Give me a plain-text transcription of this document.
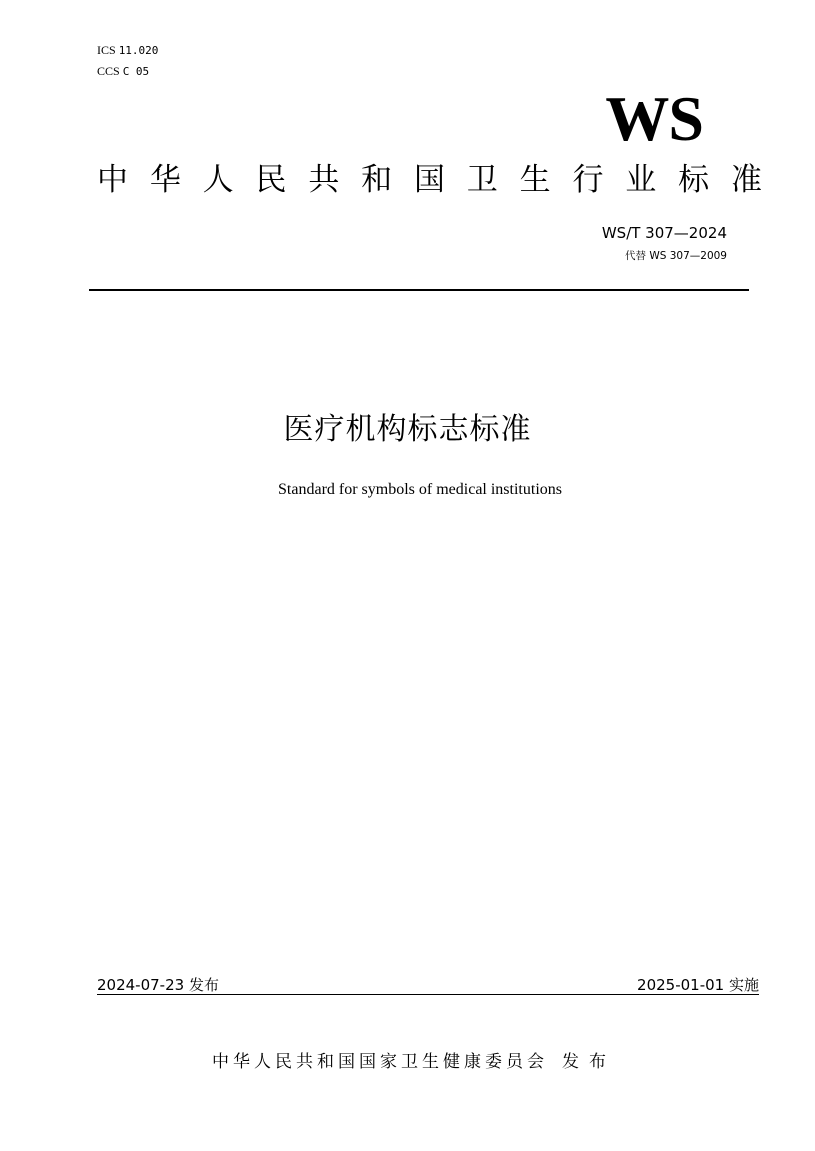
ICS 11.020
CCS C 05
WS
中 华 人 民 共 和 国 卫 生 行 业 标 准
WS/T 307—2024
代替 WS 307—2009
医疗机构标志标准
Standard for symbols of medical institutions
2024-07-23 发布	2025-01-01 实施
中华人民共和国国家卫生健康委员会 发布
